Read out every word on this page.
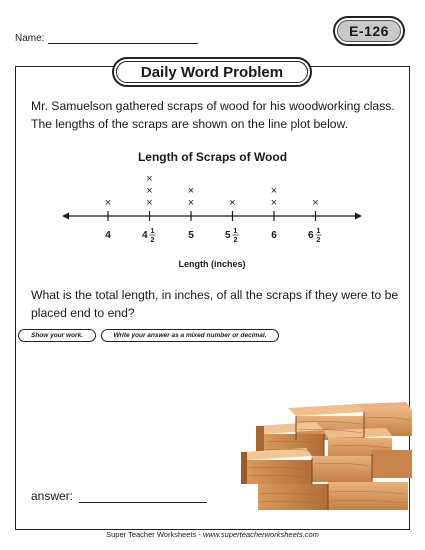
Name:	E-126
Daily Word Problem
Mr. Samuelson gathered scraps of wood for his woodworking class. The lengths of the scraps are shown on the line plot below.
Length of Scraps of Wood
4	4 1
2	5	5 1
2	6	6 1
2
×	×
×
×
×
×
×	×
×
×
Length (inches)
What is the total length, in inches, of all the scraps if they were to be placed end to end?
Show your work.	Write your answer as a mixed number or decimal.
answer:
Super Teacher Worksheets - www.superteacherworksheets.com
